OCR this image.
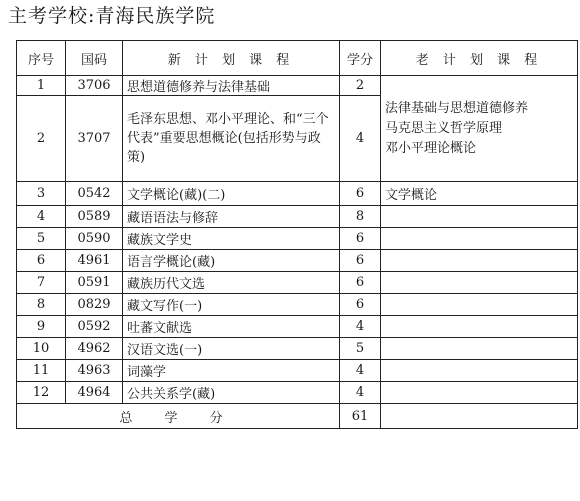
主考学校:青海民族学院
序号	国码	新 计 划 课 程	学分	老 计 划 课 程
1	3706	思想道德修养与法律基础	2	法律基础与思想道德修养
马克思主义哲学原理
邓小平理论概论

2	3707	毛泽东思想、邓小平理论、和“三个代表”重要思想概论(包括形势与政策)	4	
3	0542	文学概论(藏)(二)	6	文学概论
4	0589	藏语语法与修辞	8	
5	0590	藏族文学史	6	
6	4961	语言学概论(藏)	6	
7	0591	藏族历代文选	6	
8	0829	藏文写作(一)	6	
9	0592	吐蕃文献选	4	
10	4962	汉语文选(一)	5	
11	4963	词藻学	4	
12	4964	公共关系学(藏)	4	
总 学 分			61	
